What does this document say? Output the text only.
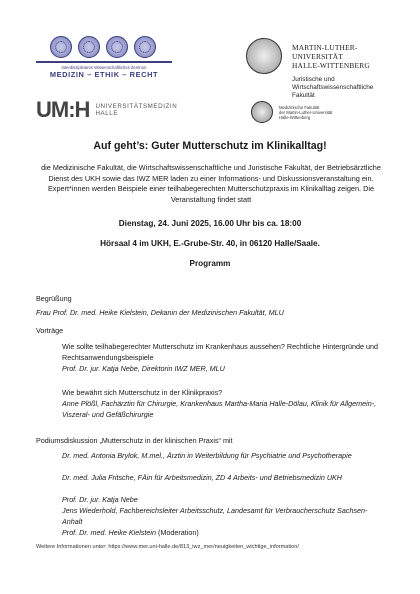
Interdisziplinäres Wissenschaftliches Zentrum
MEDIZIN – ETHIK – RECHT
MARTIN-LUTHER-UNIVERSITÄT
HALLE-WITTENBERG
Juristische und Wirtschaftswissenschaftliche
Fakultät
UM:H UNIVERSITÄTSMEDIZIN
HALLE
Medizinische Fakultät
der Martin-Luther-Universität
Halle-Wittenberg
Auf geht’s: Guter Mutterschutz im Klinikalltag!
die Medizinische Fakultät, die Wirtschaftswissenschaftliche und Juristische Fakultät, der Betriebsärztliche Dienst des UKH sowie das IWZ MER laden zu einer Informations- und Diskussionsveranstaltung ein. Expert*innen werden Beispiele einer teilhabegerechten Mutterschutzpraxis im Klinikalltag zeigen. Die Veranstaltung findet statt
Dienstag, 24. Juni 2025, 16.00 Uhr bis ca. 18:00
Hörsaal 4 im UKH, E.-Grube-Str. 40, in 06120 Halle/Saale.
Programm
Begrüßung
Frau Prof. Dr. med. Heike Kielstein, Dekanin der Medizinischen Fakultät, MLU
Vorträge
Wie sollte teilhabegerechter Mutterschutz im Krankenhaus aussehen? Rechtliche Hintergründe und Rechtsanwendungsbeispiele
Prof. Dr. jur. Katja Nebe, Direktorin IWZ MER, MLU
Wie bewährt sich Mutterschutz in der Klinikpraxis?
Anne Plößl, Fachärztin für Chirurgie, Krankenhaus Martha-Maria Halle-Dölau, Klinik für Allgemein-, Viszeral- und Gefäßchirurgie
Podiumsdiskussion „Mutterschutz in der klinischen Praxis“ mit
Dr. med. Antonia Brylok, M.mel., Ärztin in Weiterbildung für Psychiatrie und Psychotherapie
Dr. med. Julia Fritsche, FÄin für Arbeitsmedizin, ZD 4 Arbeits- und Betriebsmedizin UKH
Prof. Dr. jur. Katja Nebe
Jens Wiederhold, Fachbereichsleiter Arbeitsschutz, Landesamt für Verbraucherschutz Sachsen-Anhalt
Prof. Dr. med. Heike Kielstein (Moderation)
Weitere Informationen unter: https://www.mer.uni-halle.de/813_iwz_mer/neuigkeiten_wichtige_information/
